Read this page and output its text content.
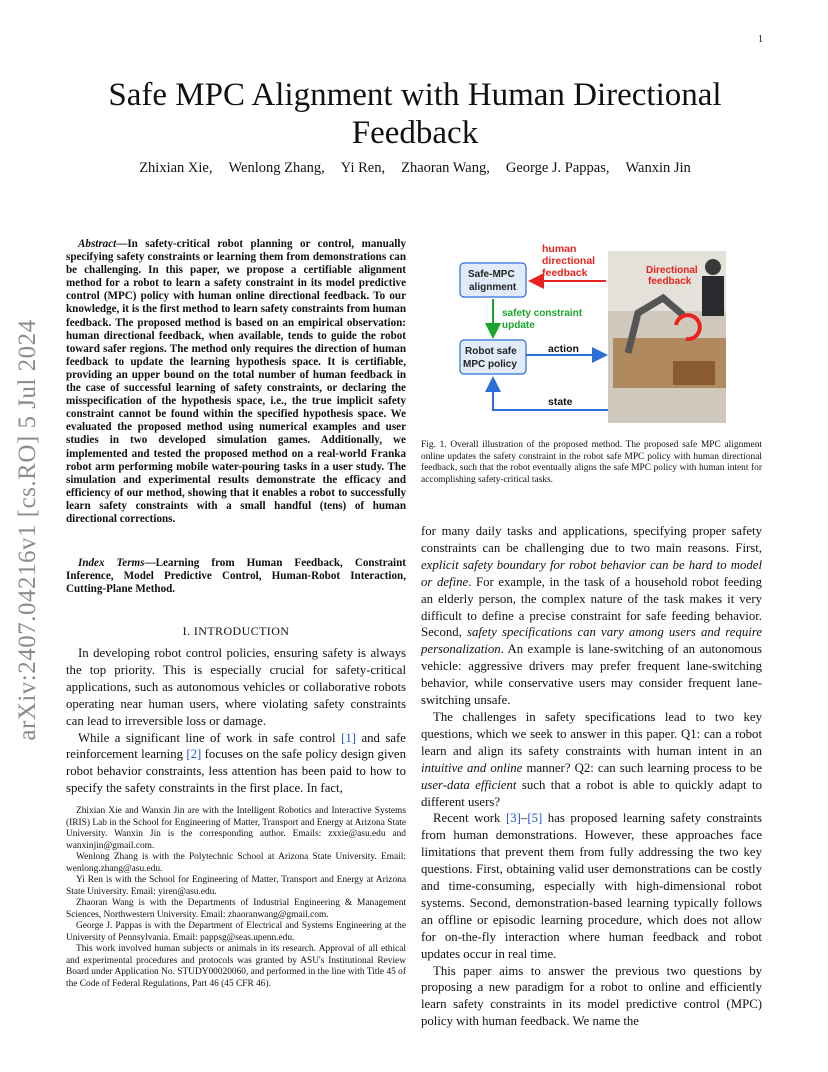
1
arXiv:2407.04216v1 [cs.RO] 5 Jul 2024
Safe MPC Alignment with Human Directional Feedback
Zhixian Xie, Wenlong Zhang, Yi Ren, Zhaoran Wang, George J. Pappas, Wanxin Jin
Abstract—In safety-critical robot planning or control, manually specifying safety constraints or learning them from demonstrations can be challenging. In this paper, we propose a certifiable alignment method for a robot to learn a safety constraint in its model predictive control (MPC) policy with human online directional feedback. To our knowledge, it is the first method to learn safety constraints from human feedback. The proposed method is based on an empirical observation: human directional feedback, when available, tends to guide the robot toward safer regions. The method only requires the direction of human feedback to update the learning hypothesis space. It is certifiable, providing an upper bound on the total number of human feedback in the case of successful learning of safety constraints, or declaring the misspecification of the hypothesis space, i.e., the true implicit safety constraint cannot be found within the specified hypothesis space. We evaluated the proposed method using numerical examples and user studies in two developed simulation games. Additionally, we implemented and tested the proposed method on a real-world Franka robot arm performing mobile water-pouring tasks in a user study. The simulation and experimental results demonstrate the efficacy and efficiency of our method, showing that it enables a robot to successfully learn safety constraints with a small handful (tens) of human directional corrections.
Index Terms—Learning from Human Feedback, Constraint Inference, Model Predictive Control, Human-Robot Interaction, Cutting-Plane Method.
I. INTRODUCTION

In developing robot control policies, ensuring safety is always the top priority. This is especially crucial for safety-critical applications, such as autonomous vehicles or collaborative robots operating near human users, where violating safety constraints can lead to irreversible loss or damage.

While a significant line of work in safe control [1] and safe reinforcement learning [2] focuses on the safe policy design given robot behavior constraints, less attention has been paid to how to specify the safety constraints in the first place. In fact,

Zhixian Xie and Wanxin Jin are with the Intelligent Robotics and Interactive Systems (IRIS) Lab in the School for Engineering of Matter, Transport and Energy at Arizona State University. Wanxin Jin is the corresponding author. Emails: zxxie@asu.edu and wanxinjin@gmail.com.

Wenlong Zhang is with the Polytechnic School at Arizona State University. Email: wenlong.zhang@asu.edu.

Yi Ren is with the School for Engineering of Matter, Transport and Energy at Arizona State University. Email: yiren@asu.edu.

Zhaoran Wang is with the Departments of Industrial Engineering & Management Sciences, Northwestern University. Email: zhaoranwang@gmail.com.

George J. Pappas is with the Department of Electrical and Systems Engineering at the University of Pennsylvania. Email: pappsg@seas.upenn.edu.

This work involved human subjects or animals in its research. Approval of all ethical and experimental procedures and protocols was granted by ASU's Institutional Review Board under Application No. STUDY00020060, and performed in the line with Title 45 of the Code of Federal Regulations, Part 46 (45 CFR 46).

Directional feedback
Safe-MPC alignment
Robot safe MPC policy
human directional feedback
safety constraint update
action
state
Fig. 1. Overall illustration of the proposed method. The proposed safe MPC alignment online updates the safety constraint in the robot safe MPC policy with human directional feedback, such that the robot eventually aligns the safe MPC policy with human intent for accomplishing safety-critical tasks.

for many daily tasks and applications, specifying proper safety constraints can be challenging due to two main reasons. First, explicit safety boundary for robot behavior can be hard to model or define. For example, in the task of a household robot feeding an elderly person, the complex nature of the task makes it very difficult to define a precise constraint for safe feeding behavior. Second, safety specifications can vary among users and require personalization. An example is lane-switching of an autonomous vehicle: aggressive drivers may prefer frequent lane-switching behavior, while conservative users may consider frequent lane-switching unsafe.

The challenges in safety specifications lead to two key questions, which we seek to answer in this paper. Q1: can a robot learn and align its safety constraints with human intent in an intuitive and online manner? Q2: can such learning process to be user-data efficient such that a robot is able to quickly adapt to different users?

Recent work [3]–[5] has proposed learning safety constraints from human demonstrations. However, these approaches face limitations that prevent them from fully addressing the two key questions. First, obtaining valid user demonstrations can be costly and time-consuming, especially with high-dimensional robot systems. Second, demonstration-based learning typically follows an offline or episodic learning procedure, which does not allow for on-the-fly interaction where human feedback and robot updates occur in real time.

This paper aims to answer the previous two questions by proposing a new paradigm for a robot to online and efficiently learn safety constraints in its model predictive control (MPC) policy with human feedback. We name the
